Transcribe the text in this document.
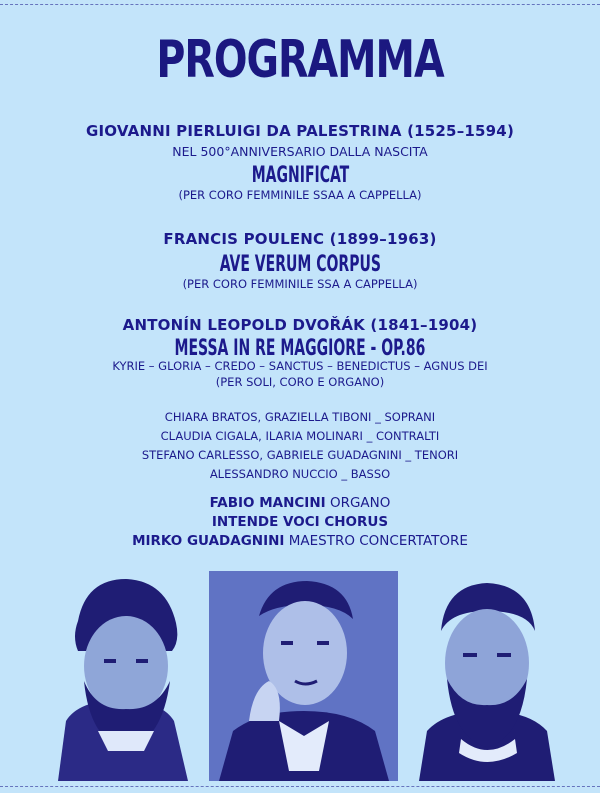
PROGRAMMA
GIOVANNI PIERLUIGI DA PALESTRINA (1525–1594)
NEL 500°ANNIVERSARIO DALLA NASCITA
MAGNIFICAT
(PER CORO FEMMINILE SSAA A CAPPELLA)
FRANCIS POULENC (1899–1963)
AVE VERUM CORPUS
(PER CORO FEMMINILE SSA A CAPPELLA)
ANTONÍN LEOPOLD DVOŘÁK (1841–1904)
MESSA IN RE MAGGIORE - OP.86
KYRIE – GLORIA – CREDO – SANCTUS – BENEDICTUS – AGNUS DEI
(PER SOLI, CORO E ORGANO)
CHIARA BRATOS, GRAZIELLA TIBONI _ SOPRANI
CLAUDIA CIGALA, ILARIA MOLINARI _ CONTRALTI
STEFANO CARLESSO, GABRIELE GUADAGNINI _ TENORI
ALESSANDRO NUCCIO _ BASSO
FABIO MANCINI ORGANO
INTENDE VOCI CHORUS
MIRKO GUADAGNINI MAESTRO CONCERTATORE
